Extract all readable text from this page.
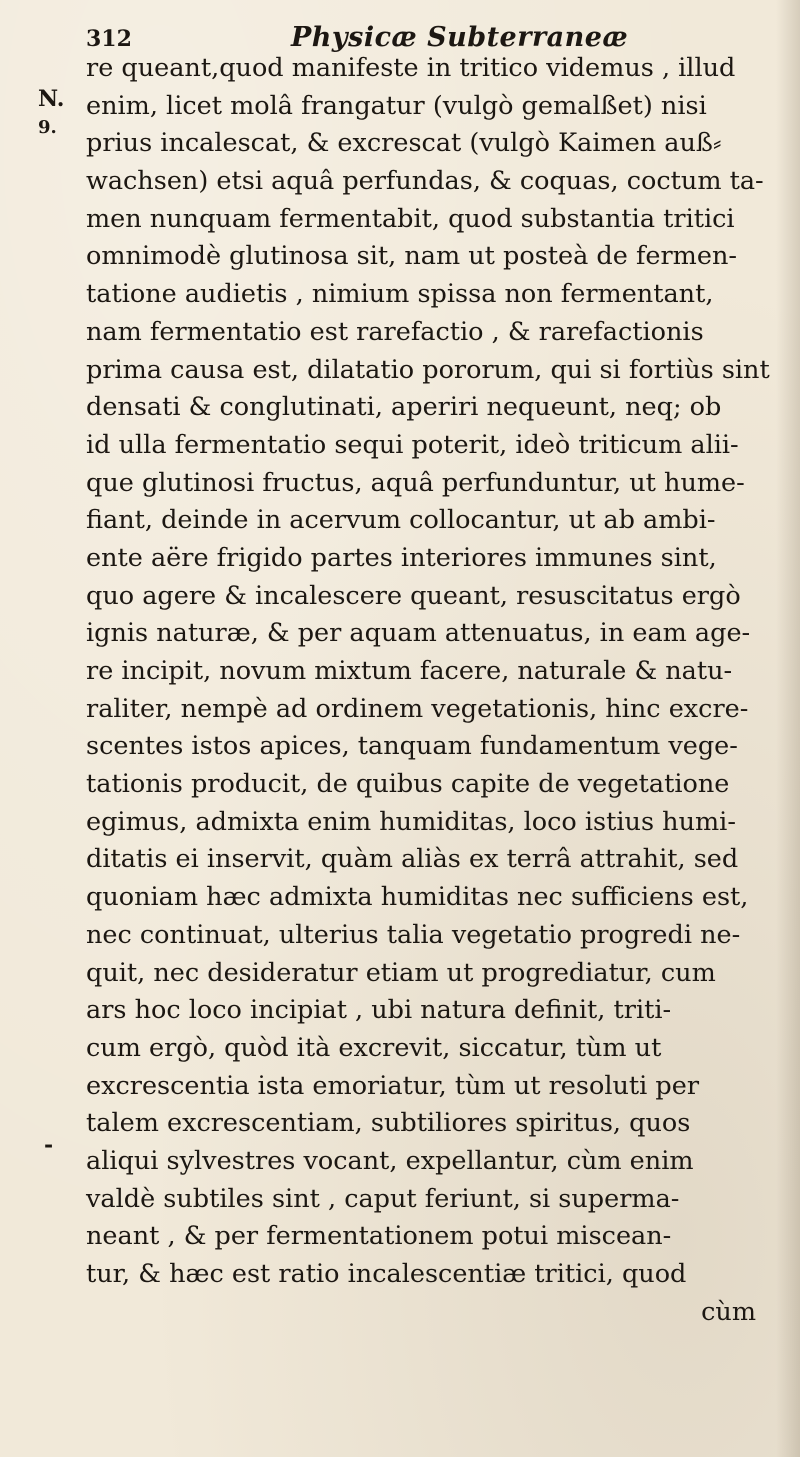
312	Physicæ Subterraneæ
N.
9.
-
re queant,quod manifeste in tritico videmus , illud
enim, licet molâ frangatur (vulgò gemalßet) nisi
prius incalescat, & excrescat (vulgò Kaimen auß⸗
wachsen) etsi aquâ perfundas, & coquas, coctum ta-
men nunquam fermentabit, quod substantia tritici
omnimodè glutinosa sit, nam ut posteà de fermen-
tatione audietis , nimium spissa non fermentant,
nam fermentatio est rarefactio , & rarefactionis
prima causa est, dilatatio pororum, qui si fortiùs sint
densati & conglutinati, aperiri nequeunt, neq; ob
id ulla fermentatio sequi poterit, ideò triticum alii-
que glutinosi fructus, aquâ perfunduntur, ut hume-
fiant, deinde in acervum collocantur, ut ab ambi-
ente aëre frigido partes interiores immunes sint,
quo agere & incalescere queant, resuscitatus ergò
ignis naturæ, & per aquam attenuatus, in eam age-
re incipit, novum mixtum facere, naturale & natu-
raliter, nempè ad ordinem vegetationis, hinc excre-
scentes istos apices, tanquam fundamentum vege-
tationis producit, de quibus capite de vegetatione
egimus, admixta enim humiditas, loco istius humi-
ditatis ei inservit, quàm aliàs ex terrâ attrahit, sed
quoniam hæc admixta humiditas nec sufficiens est,
nec continuat, ulterius talia vegetatio progredi ne-
quit, nec desideratur etiam ut progrediatur, cum
ars hoc loco incipiat , ubi natura definit, triti-
cum ergò, quòd ità excrevit, siccatur, tùm ut
excrescentia ista emoriatur, tùm ut resoluti per
talem excrescentiam, subtiliores spiritus, quos
aliqui sylvestres vocant, expellantur, cùm enim
valdè subtiles sint , caput feriunt, si superma-
neant , & per fermentationem potui miscean-
tur, & hæc est ratio incalescentiæ tritici, quod
cùm
